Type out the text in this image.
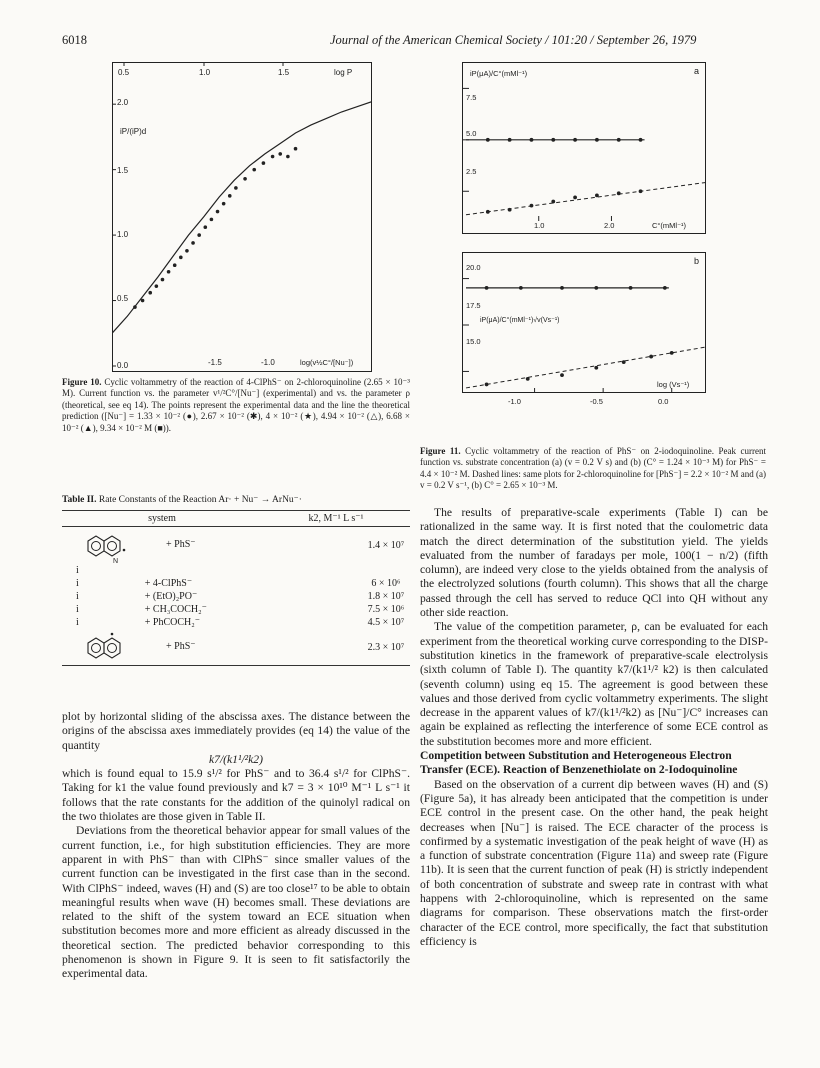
6018	Journal of the American Chemical Society / 101:20 / September 26, 1979
0.5	1.0	1.5	log P
2.0
1.5
1.0
0.5
0.0
iP/(iP)d
-1.5	-1.0	log(v½C°/[Nu⁻])
Figure 10. Cyclic voltammetry of the reaction of 4-ClPhS⁻ on 2-chloroquinoline (2.65 × 10⁻³ M). Current function vs. the parameter v¹/²C°/[Nu⁻] (experimental) and vs. the parameter ρ (theoretical, see eq 14). The points represent the experimental data and the line the theoretical prediction ([Nu⁻] = 1.33 × 10⁻² (●), 2.67 × 10⁻² (✱), 4 × 10⁻² (★), 4.94 × 10⁻² (△), 6.68 × 10⁻² (▲), 9.34 × 10⁻² M (■)).
Table II. Rate Constants of the Reaction Ar· + Nu⁻ → ArNu⁻·
system	k2, M⁻¹ L s⁻¹

N
+ PhS⁻	1.4 × 10⁷
i	
i + 4-ClPhS⁻	6 × 10⁶
i + (EtO)₂PO⁻	1.8 × 10⁷
i + CH₃COCH₂⁻	7.5 × 10⁶
i + PhCOCH₂⁻	4.5 × 10⁷

+ PhS⁻	2.3 × 10⁷

plot by horizontal sliding of the abscissa axes. The distance between the origins of the abscissa axes immediately provides (eq 14) the value of the quantity

k7/(k1¹/²k2)

which is found equal to 15.9 s¹/² for PhS⁻ and to 36.4 s¹/² for ClPhS⁻. Taking for k1 the value found previously and k7 = 3 × 10¹⁰ M⁻¹ L s⁻¹ it follows that the rate constants for the addition of the quinolyl radical on the two thiolates are those given in Table II.

Deviations from the theoretical behavior appear for small values of the current function, i.e., for high substitution efficiencies. They are more apparent in with PhS⁻ than with ClPhS⁻ since smaller values of the current function can be investigated in the first case than in the second. With ClPhS⁻ indeed, waves (H) and (S) are too close¹⁷ to be able to obtain meaningful results when wave (H) becomes small. These deviations are related to the shift of the system toward an ECE situation when substitution becomes more and more efficient as already discussed in the theoretical section. The predicted behavior corresponding to this phenomenon is shown in Figure 9. It is seen to fit satisfactorily the experimental data.

a
iP(μA)/C°(mMl⁻¹)
7.5
5.0
2.5
1.0	2.0	C°(mMl⁻¹)
b
20.0
17.5
15.0
iP(μA)/C°(mMl⁻¹)√v(Vs⁻¹)
log (Vs⁻¹)
-1.0	-0.5	0.0
Figure 11. Cyclic voltammetry of the reaction of PhS⁻ on 2-iodoquinoline. Peak current function vs. substrate concentration (a) (v = 0.2 V s) and (b) (C° = 1.24 × 10⁻³ M) for PhS⁻ = 4.4 × 10⁻² M. Dashed lines: same plots for 2-chloroquinoline for [PhS⁻] = 2.2 × 10⁻² M and (a) v = 0.2 V s⁻¹, (b) C° = 2.65 × 10⁻³ M.

The results of preparative-scale experiments (Table I) can be rationalized in the same way. It is first noted that the coulometric data match the direct determination of the substitution yield. The yields evaluated from the number of faradays per mole, 100(1 − n/2) (fifth column), are indeed very close to the yields obtained from the analysis of the electrolyzed solutions (fourth column). This shows that all the charge passed through the cell has served to reduce QCl into QH without any other side reaction.

The value of the competition parameter, ρ, can be evaluated for each experiment from the theoretical working curve corresponding to the DISP-substitution kinetics in the framework of preparative-scale electrolysis (sixth column of Table I). The quantity k7/(k1¹/² k2) is then calculated (seventh column) using eq 15. The agreement is good between these values and those derived from cyclic voltammetry experiments. The slight decrease in the apparent values of k7/(k1¹/²k2) as [Nu⁻]/C° increases can again be explained as reflecting the interference of some ECE control as the substitution becomes more and more efficient.

Competition between Substitution and Heterogeneous Electron Transfer (ECE). Reaction of Benzenethiolate on 2-Iodoquinoline

Based on the observation of a current dip between waves (H) and (S) (Figure 5a), it has already been anticipated that the competition is under ECE control in the present case. On the other hand, the peak height decreases when [Nu⁻] is raised. The ECE character of the process is confirmed by a systematic investigation of the peak height of wave (H) as a function of substrate concentration (Figure 11a) and sweep rate (Figure 11b). It is seen that the current function of peak (H) is strictly independent of both concentration of substrate and sweep rate in contrast with what happens with 2-chloroquinoline, which is represented on the same diagrams for comparison. These observations match the first-order character of the ECE control, more specifically, the fact that substitution efficiency is
